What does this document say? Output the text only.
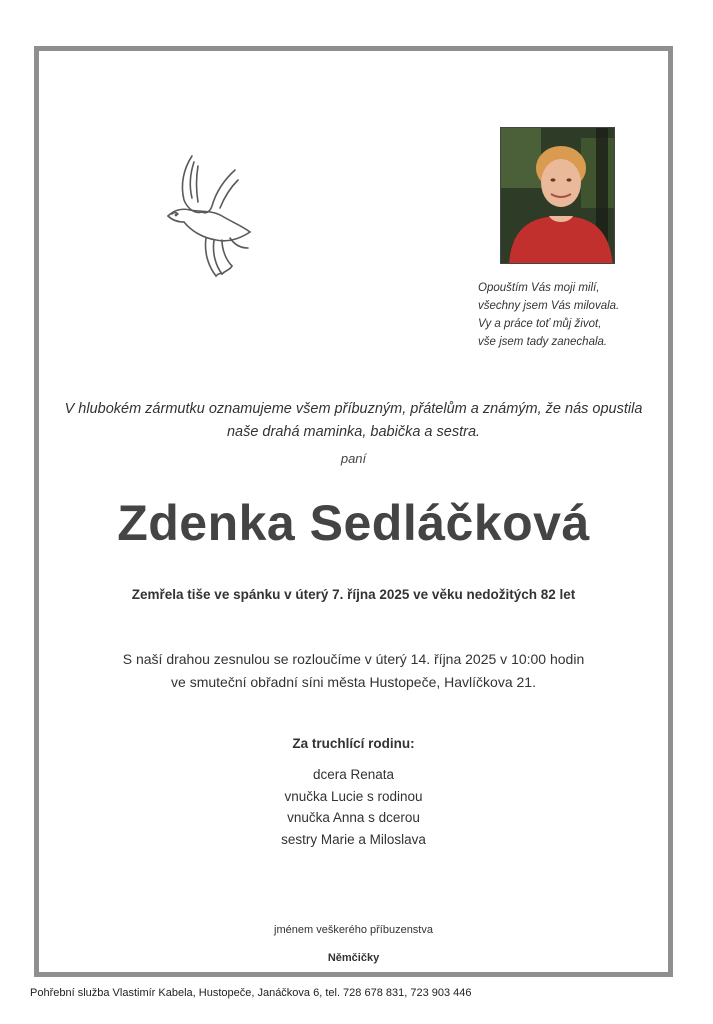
Opouštím Vás moji milí,
všechny jsem Vás milovala.
Vy a práce toť můj život,
vše jsem tady zanechala.
V hlubokém zármutku oznamujeme všem příbuzným, přátelům a známým, že nás opustila
naše drahá maminka, babička a sestra.
paní
Zdenka Sedláčková
Zemřela tiše ve spánku v úterý 7. října 2025 ve věku nedožitých 82 let
S naší drahou zesnulou se rozloučíme v úterý 14. října 2025 v 10:00 hodin
ve smuteční obřadní síni města Hustopeče, Havlíčkova 21.
Za truchlící rodinu:
dcera Renata
vnučka Lucie s rodinou
vnučka Anna s dcerou
sestry Marie a Miloslava
jménem veškerého příbuzenstva
Němčičky
Pohřební služba Vlastimír Kabela, Hustopeče, Janáčkova 6, tel. 728 678 831, 723 903 446
